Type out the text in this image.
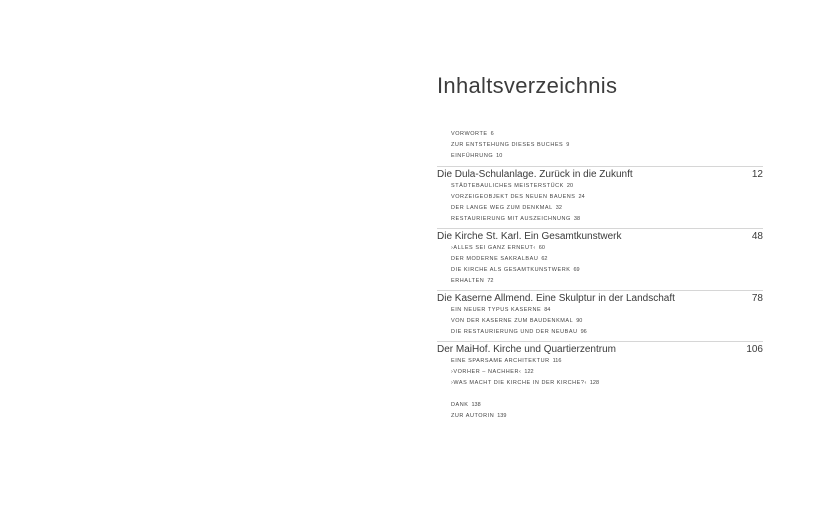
Inhaltsverzeichnis
VORWORTE 6
ZUR ENTSTEHUNG DIESES BUCHES 9
EINFÜHRUNG 10
Die Dula-Schulanlage. Zurück in die Zukunft	12
STÄDTEBAULICHES MEISTERSTÜCK 20
VORZEIGEOBJEKT DES NEUEN BAUENS 24
DER LANGE WEG ZUM DENKMAL 32
RESTAURIERUNG MIT AUSZEICHNUNG 38
Die Kirche St. Karl. Ein Gesamtkunstwerk	48
›ALLES SEI GANZ ERNEUT‹ 60
DER MODERNE SAKRALBAU 62
DIE KIRCHE ALS GESAMTKUNSTWERK 69
ERHALTEN 72
Die Kaserne Allmend. Eine Skulptur in der Landschaft	78
EIN NEUER TYPUS KASERNE 84
VON DER KASERNE ZUM BAUDENKMAL 90
DIE RESTAURIERUNG UND DER NEUBAU 96
Der MaiHof. Kirche und Quartierzentrum	106
EINE SPARSAME ARCHITEKTUR 116
›VORHER – NACHHER‹ 122
›WAS MACHT DIE KIRCHE IN DER KIRCHE?‹ 128
DANK 138
ZUR AUTORIN 139
